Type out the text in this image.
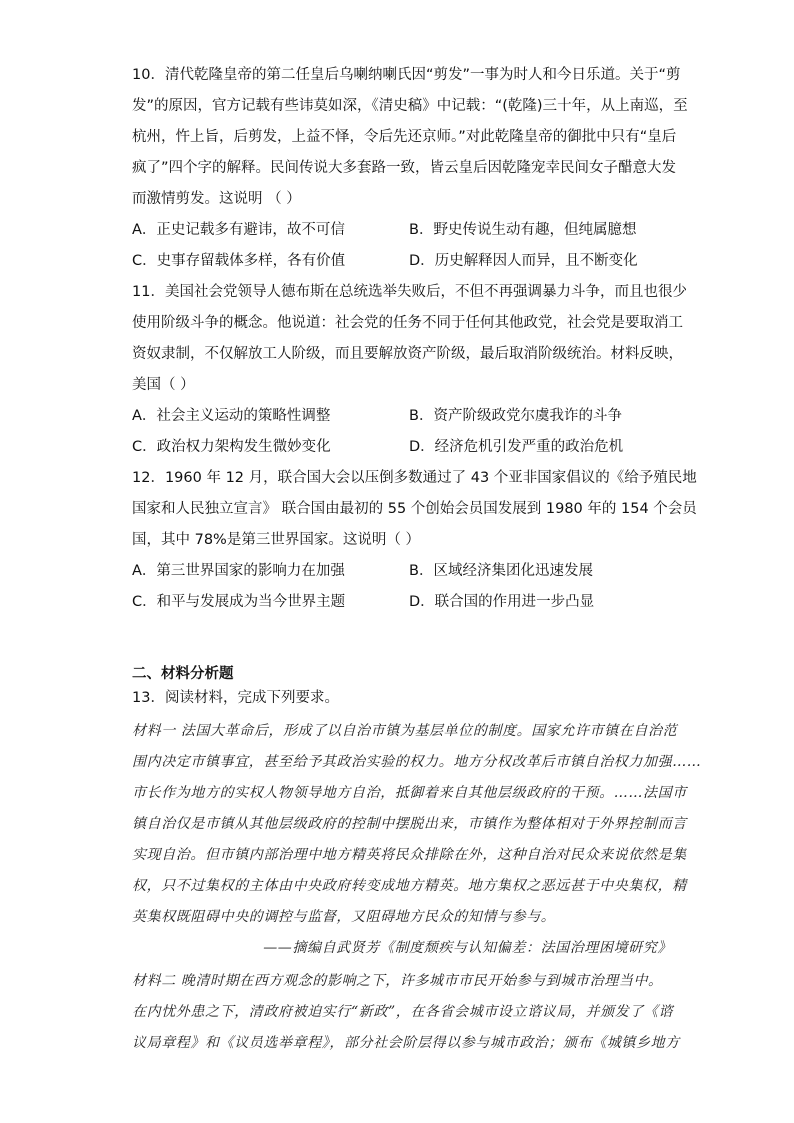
10．清代乾隆皇帝的第二任皇后乌喇纳喇氏因“剪发”一事为时人和今日乐道。关于“剪
发”的原因，官方记载有些讳莫如深，《清史稿》中记载：“(乾隆)三十年，从上南巡，至
杭州，忤上旨，后剪发，上益不怿，令后先还京师。”对此乾隆皇帝的御批中只有“皇后
疯了”四个字的解释。民间传说大多套路一致，皆云皇后因乾隆宠幸民间女子醋意大发
而激情剪发。这说明 （ ）
A．正史记载多有避讳，故不可信	B．野史传说生动有趣，但纯属臆想
C．史事存留载体多样，各有价值	D．历史解释因人而异，且不断变化
11．美国社会党领导人德布斯在总统选举失败后，不但不再强调暴力斗争，而且也很少
使用阶级斗争的概念。他说道：社会党的任务不同于任何其他政党，社会党是要取消工
资奴隶制，不仅解放工人阶级，而且要解放资产阶级，最后取消阶级统治。材料反映，
美国（ ）
A．社会主义运动的策略性调整	B．资产阶级政党尔虞我诈的斗争
C．政治权力架构发生微妙变化	D．经济危机引发严重的政治危机
12．1960 年 12 月，联合国大会以压倒多数通过了 43 个亚非国家倡议的《给予殖民地
国家和人民独立宣言》 联合国由最初的 55 个创始会员国发展到 1980 年的 154 个会员
国，其中 78%是第三世界国家。这说明（ ）
A．第三世界国家的影响力在加强	B．区域经济集团化迅速发展
C．和平与发展成为当今世界主题	D．联合国的作用进一步凸显
二、材料分析题
13．阅读材料，完成下列要求。
材料一 法国大革命后，形成了以自治市镇为基层单位的制度。国家允许市镇在自治范
围内决定市镇事宜，甚至给予其政治实验的权力。地方分权改革后市镇自治权力加强……
市长作为地方的实权人物领导地方自治，抵御着来自其他层级政府的干预。……法国市
镇自治仅是市镇从其他层级政府的控制中摆脱出来，市镇作为整体相对于外界控制而言
实现自治。但市镇内部治理中地方精英将民众排除在外，这种自治对民众来说依然是集
权，只不过集权的主体由中央政府转变成地方精英。地方集权之恶远甚于中央集权，精
英集权既阻碍中央的调控与监督，又阻碍地方民众的知情与参与。
——摘编自武贤芳《制度颓疾与认知偏差：法国治理困境研究》
材料二 晚清时期在西方观念的影响之下，许多城市市民开始参与到城市治理当中。
在内忧外患之下，清政府被迫实行“新政”，在各省会城市设立谘议局，并颁发了《谘
议局章程》和《议员选举章程》，部分社会阶层得以参与城市政治；颁布《城镇乡地方
